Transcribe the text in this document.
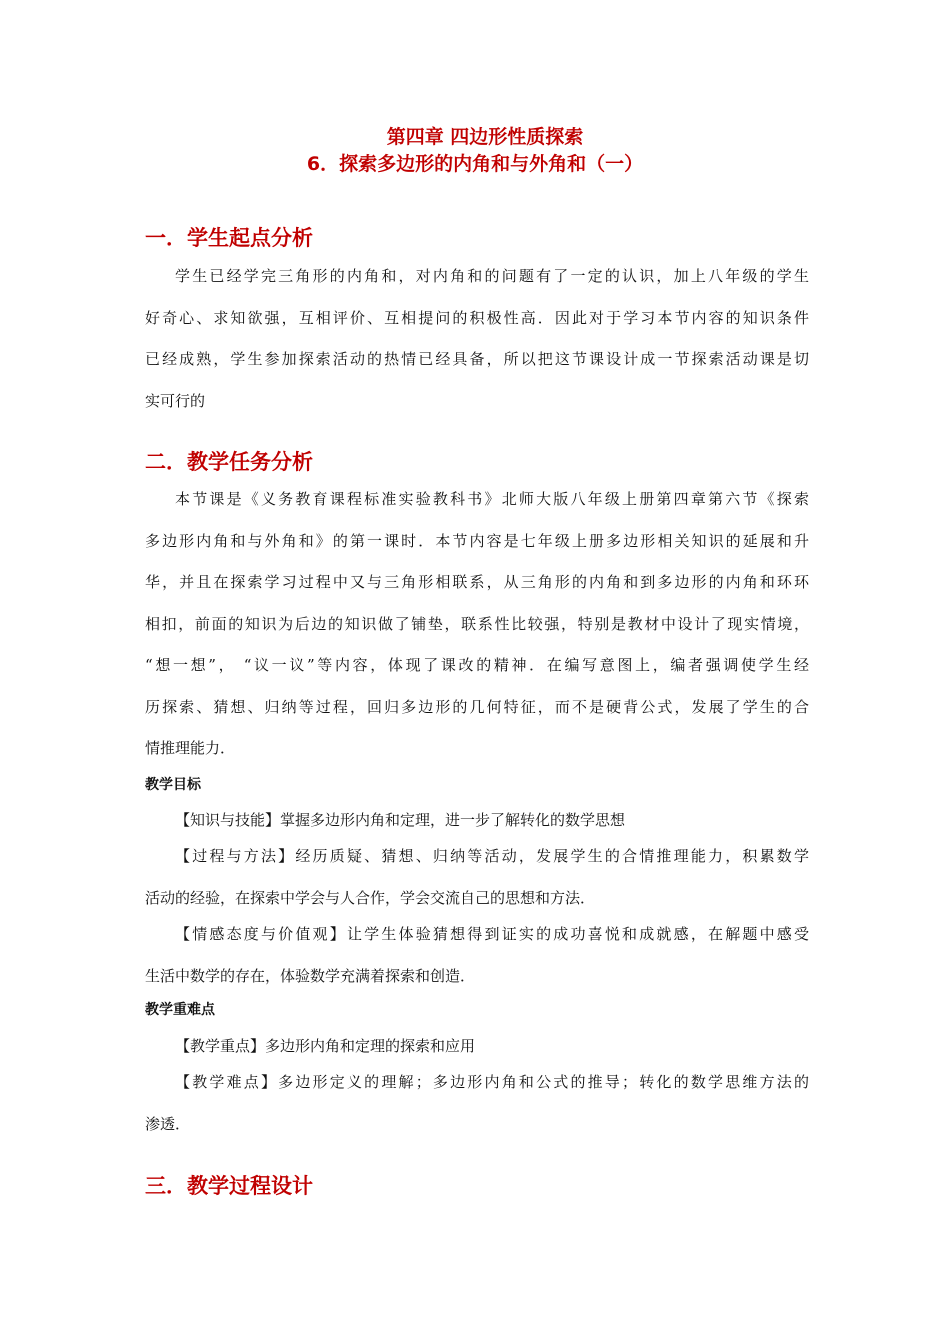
第四章 四边形性质探索
6．探索多边形的内角和与外角和（一）
一．学生起点分析
学生已经学完三角形的内角和，对内角和的问题有了一定的认识，加上八年级的学生
好奇心、求知欲强，互相评价、互相提问的积极性高．因此对于学习本节内容的知识条件
已经成熟，学生参加探索活动的热情已经具备，所以把这节课设计成一节探索活动课是切
实可行的
二．教学任务分析
本节课是《义务教育课程标准实验教科书》北师大版八年级上册第四章第六节《探索
多边形内角和与外角和》的第一课时．本节内容是七年级上册多边形相关知识的延展和升
华，并且在探索学习过程中又与三角形相联系，从三角形的内角和到多边形的内角和环环
相扣，前面的知识为后边的知识做了铺垫，联系性比较强，特别是教材中设计了现实情境，
“想一想”， “议一议”等内容，体现了课改的精神．在编写意图上，编者强调使学生经
历探索、猜想、归纳等过程，回归多边形的几何特征，而不是硬背公式，发展了学生的合
情推理能力．
教学目标
【知识与技能】掌握多边形内角和定理，进一步了解转化的数学思想
【过程与方法】经历质疑、猜想、归纳等活动，发展学生的合情推理能力，积累数学
活动的经验，在探索中学会与人合作，学会交流自己的思想和方法．
【情感态度与价值观】让学生体验猜想得到证实的成功喜悦和成就感，在解题中感受
生活中数学的存在，体验数学充满着探索和创造．
教学重难点
【教学重点】多边形内角和定理的探索和应用
【教学难点】多边形定义的理解；多边形内角和公式的推导；转化的数学思维方法的
渗透．
三．教学过程设计
